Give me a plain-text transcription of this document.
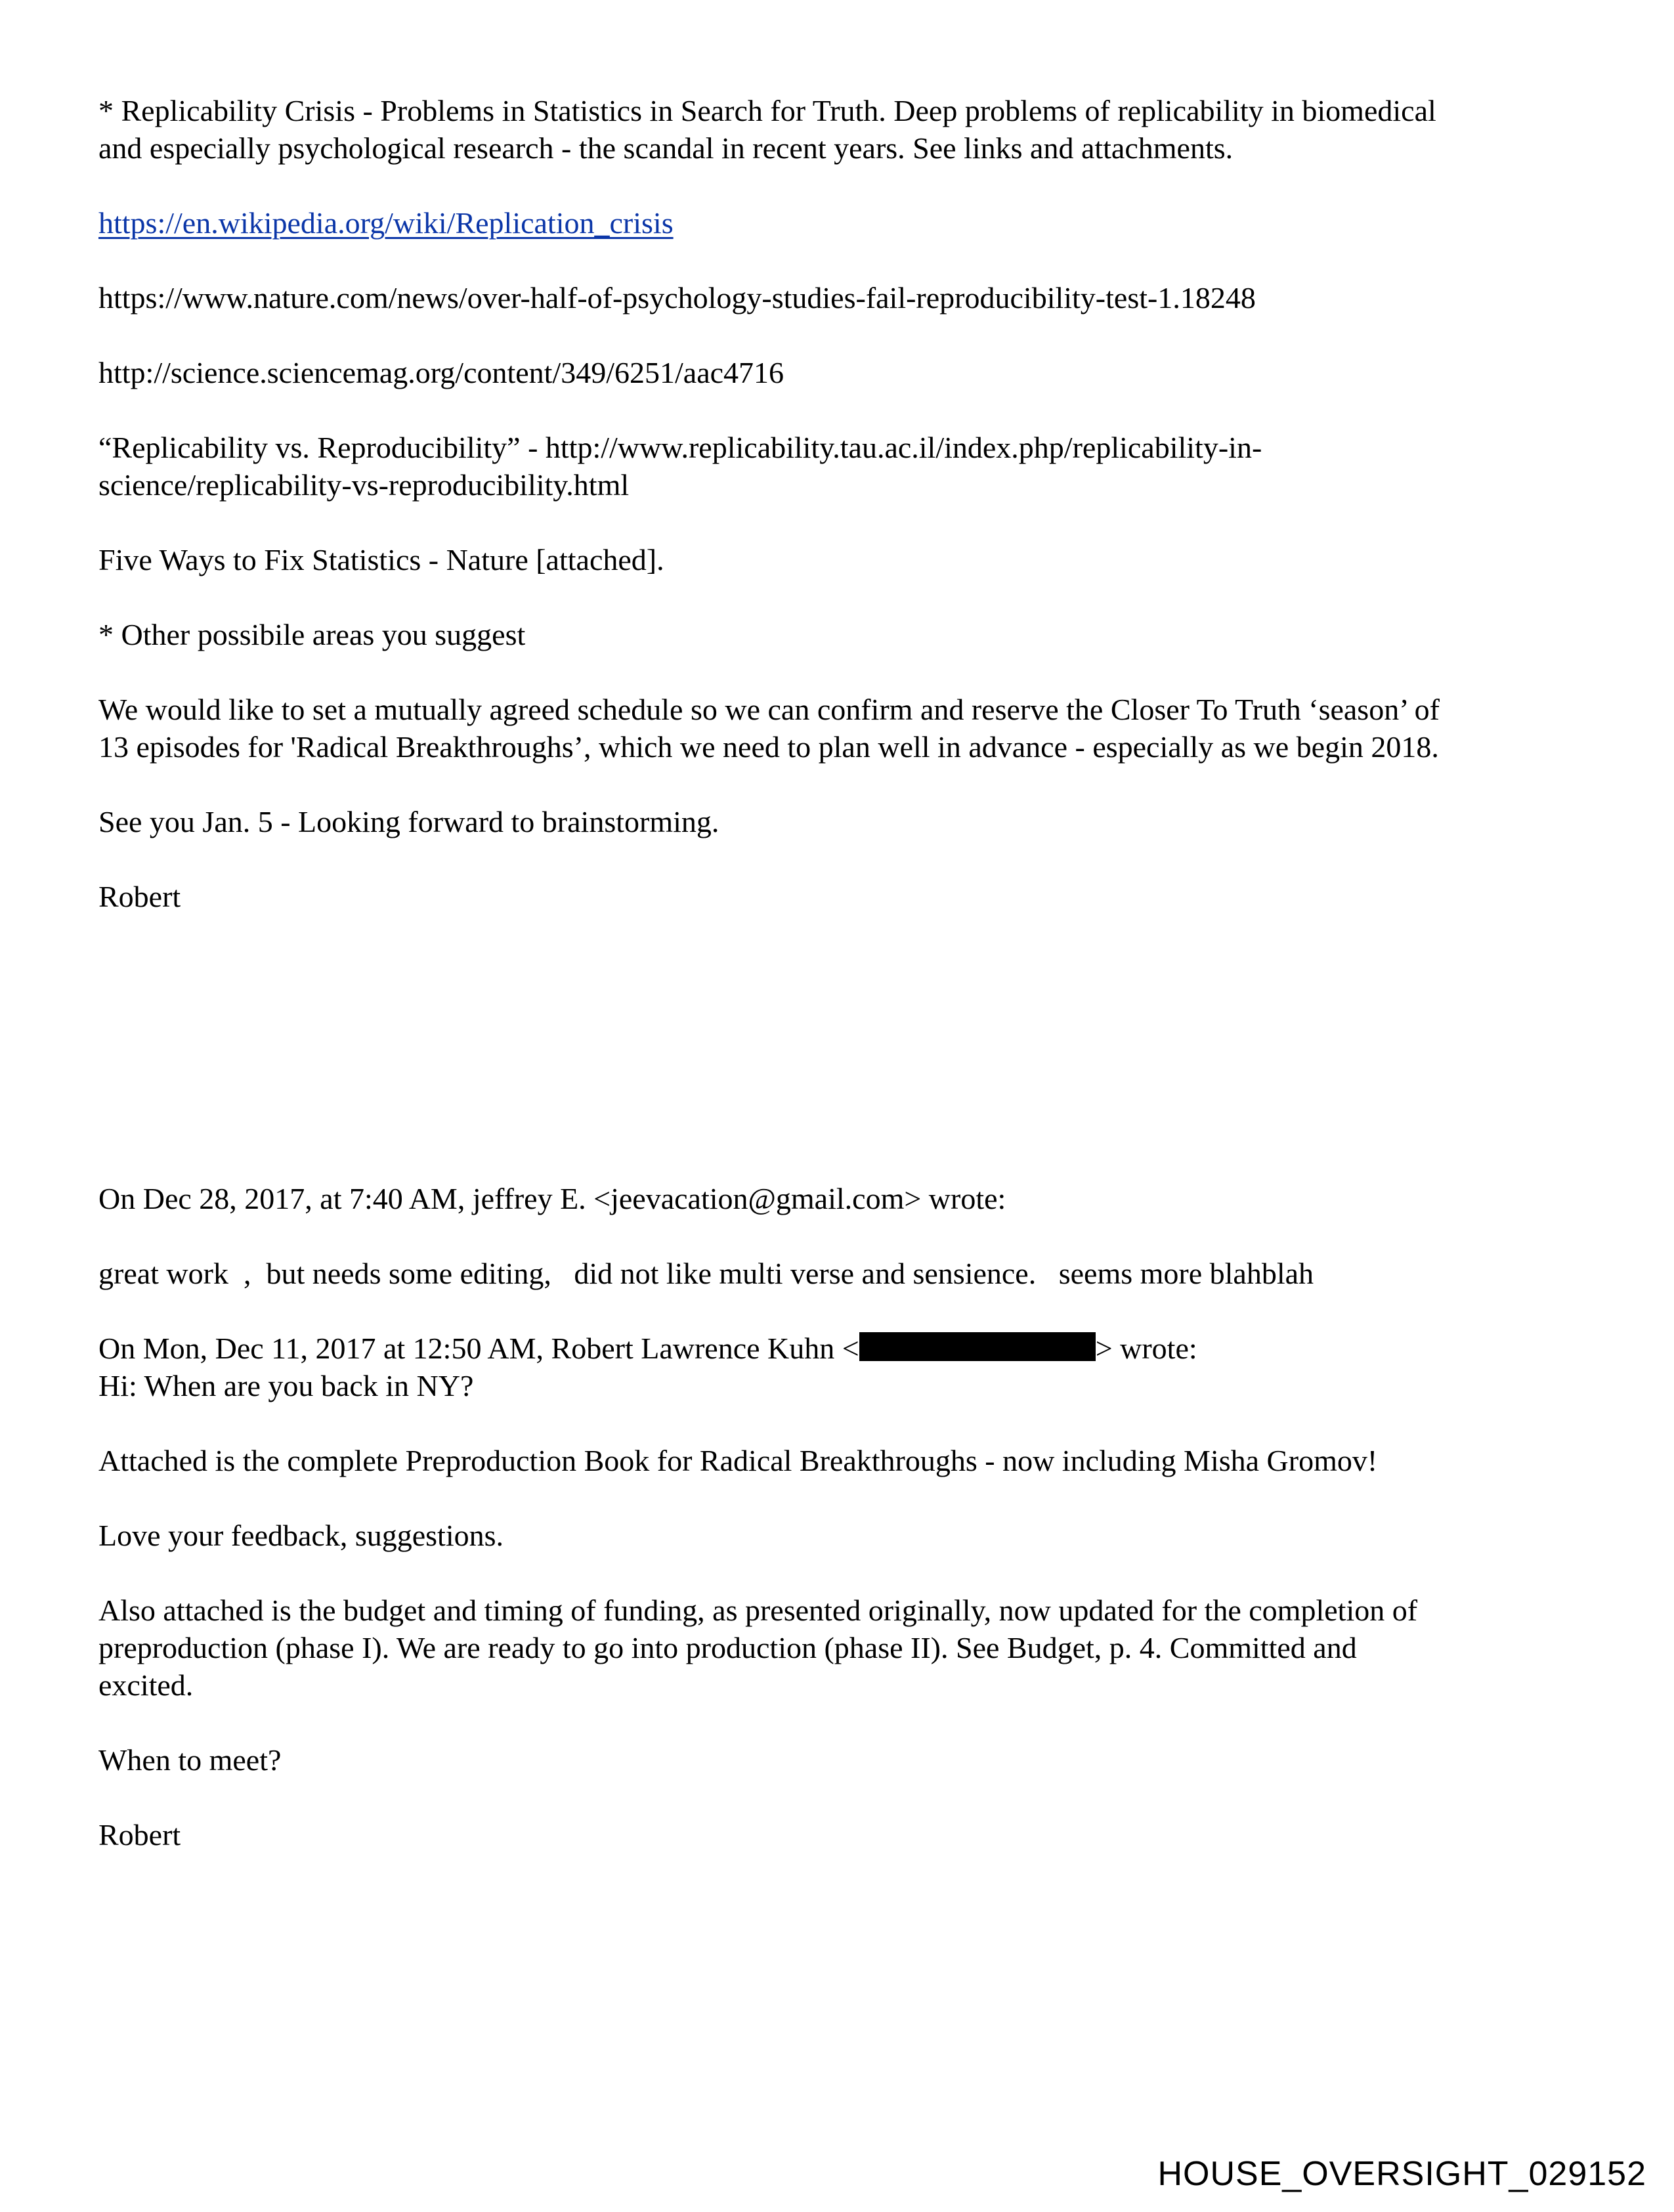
* Replicability Crisis - Problems in Statistics in Search for Truth. Deep problems of replicability in biomedical
and especially psychological research - the scandal in recent years. See links and attachments.

https://en.wikipedia.org/wiki/Replication_crisis

https://www.nature.com/news/over-half-of-psychology-studies-fail-reproducibility-test-1.18248

http://science.sciencemag.org/content/349/6251/aac4716

“Replicability vs. Reproducibility” - http://www.replicability.tau.ac.il/index.php/replicability-in-
science/replicability-vs-reproducibility.html

Five Ways to Fix Statistics - Nature [attached].

* Other possibile areas you suggest

We would like to set a mutually agreed schedule so we can confirm and reserve the Closer To Truth ‘season’ of
13 episodes for 'Radical Breakthroughs’, which we need to plan well in advance - especially as we begin 2018.

See you Jan. 5 - Looking forward to brainstorming.

Robert

On Dec 28, 2017, at 7:40 AM, jeffrey E. <jeevacation@gmail.com> wrote:

great work  ,  but needs some editing,   did not like multi verse and sensience.   seems more blahblah

On Mon, Dec 11, 2017 at 12:50 AM, Robert Lawrence Kuhn <	> wrote:
Hi: When are you back in NY?

Attached is the complete Preproduction Book for Radical Breakthroughs - now including Misha Gromov!

Love your feedback, suggestions.

Also attached is the budget and timing of funding, as presented originally, now updated for the completion of
preproduction (phase I). We are ready to go into production (phase II). See Budget, p. 4. Committed and
excited.

When to meet?

Robert

HOUSE_OVERSIGHT_029152
